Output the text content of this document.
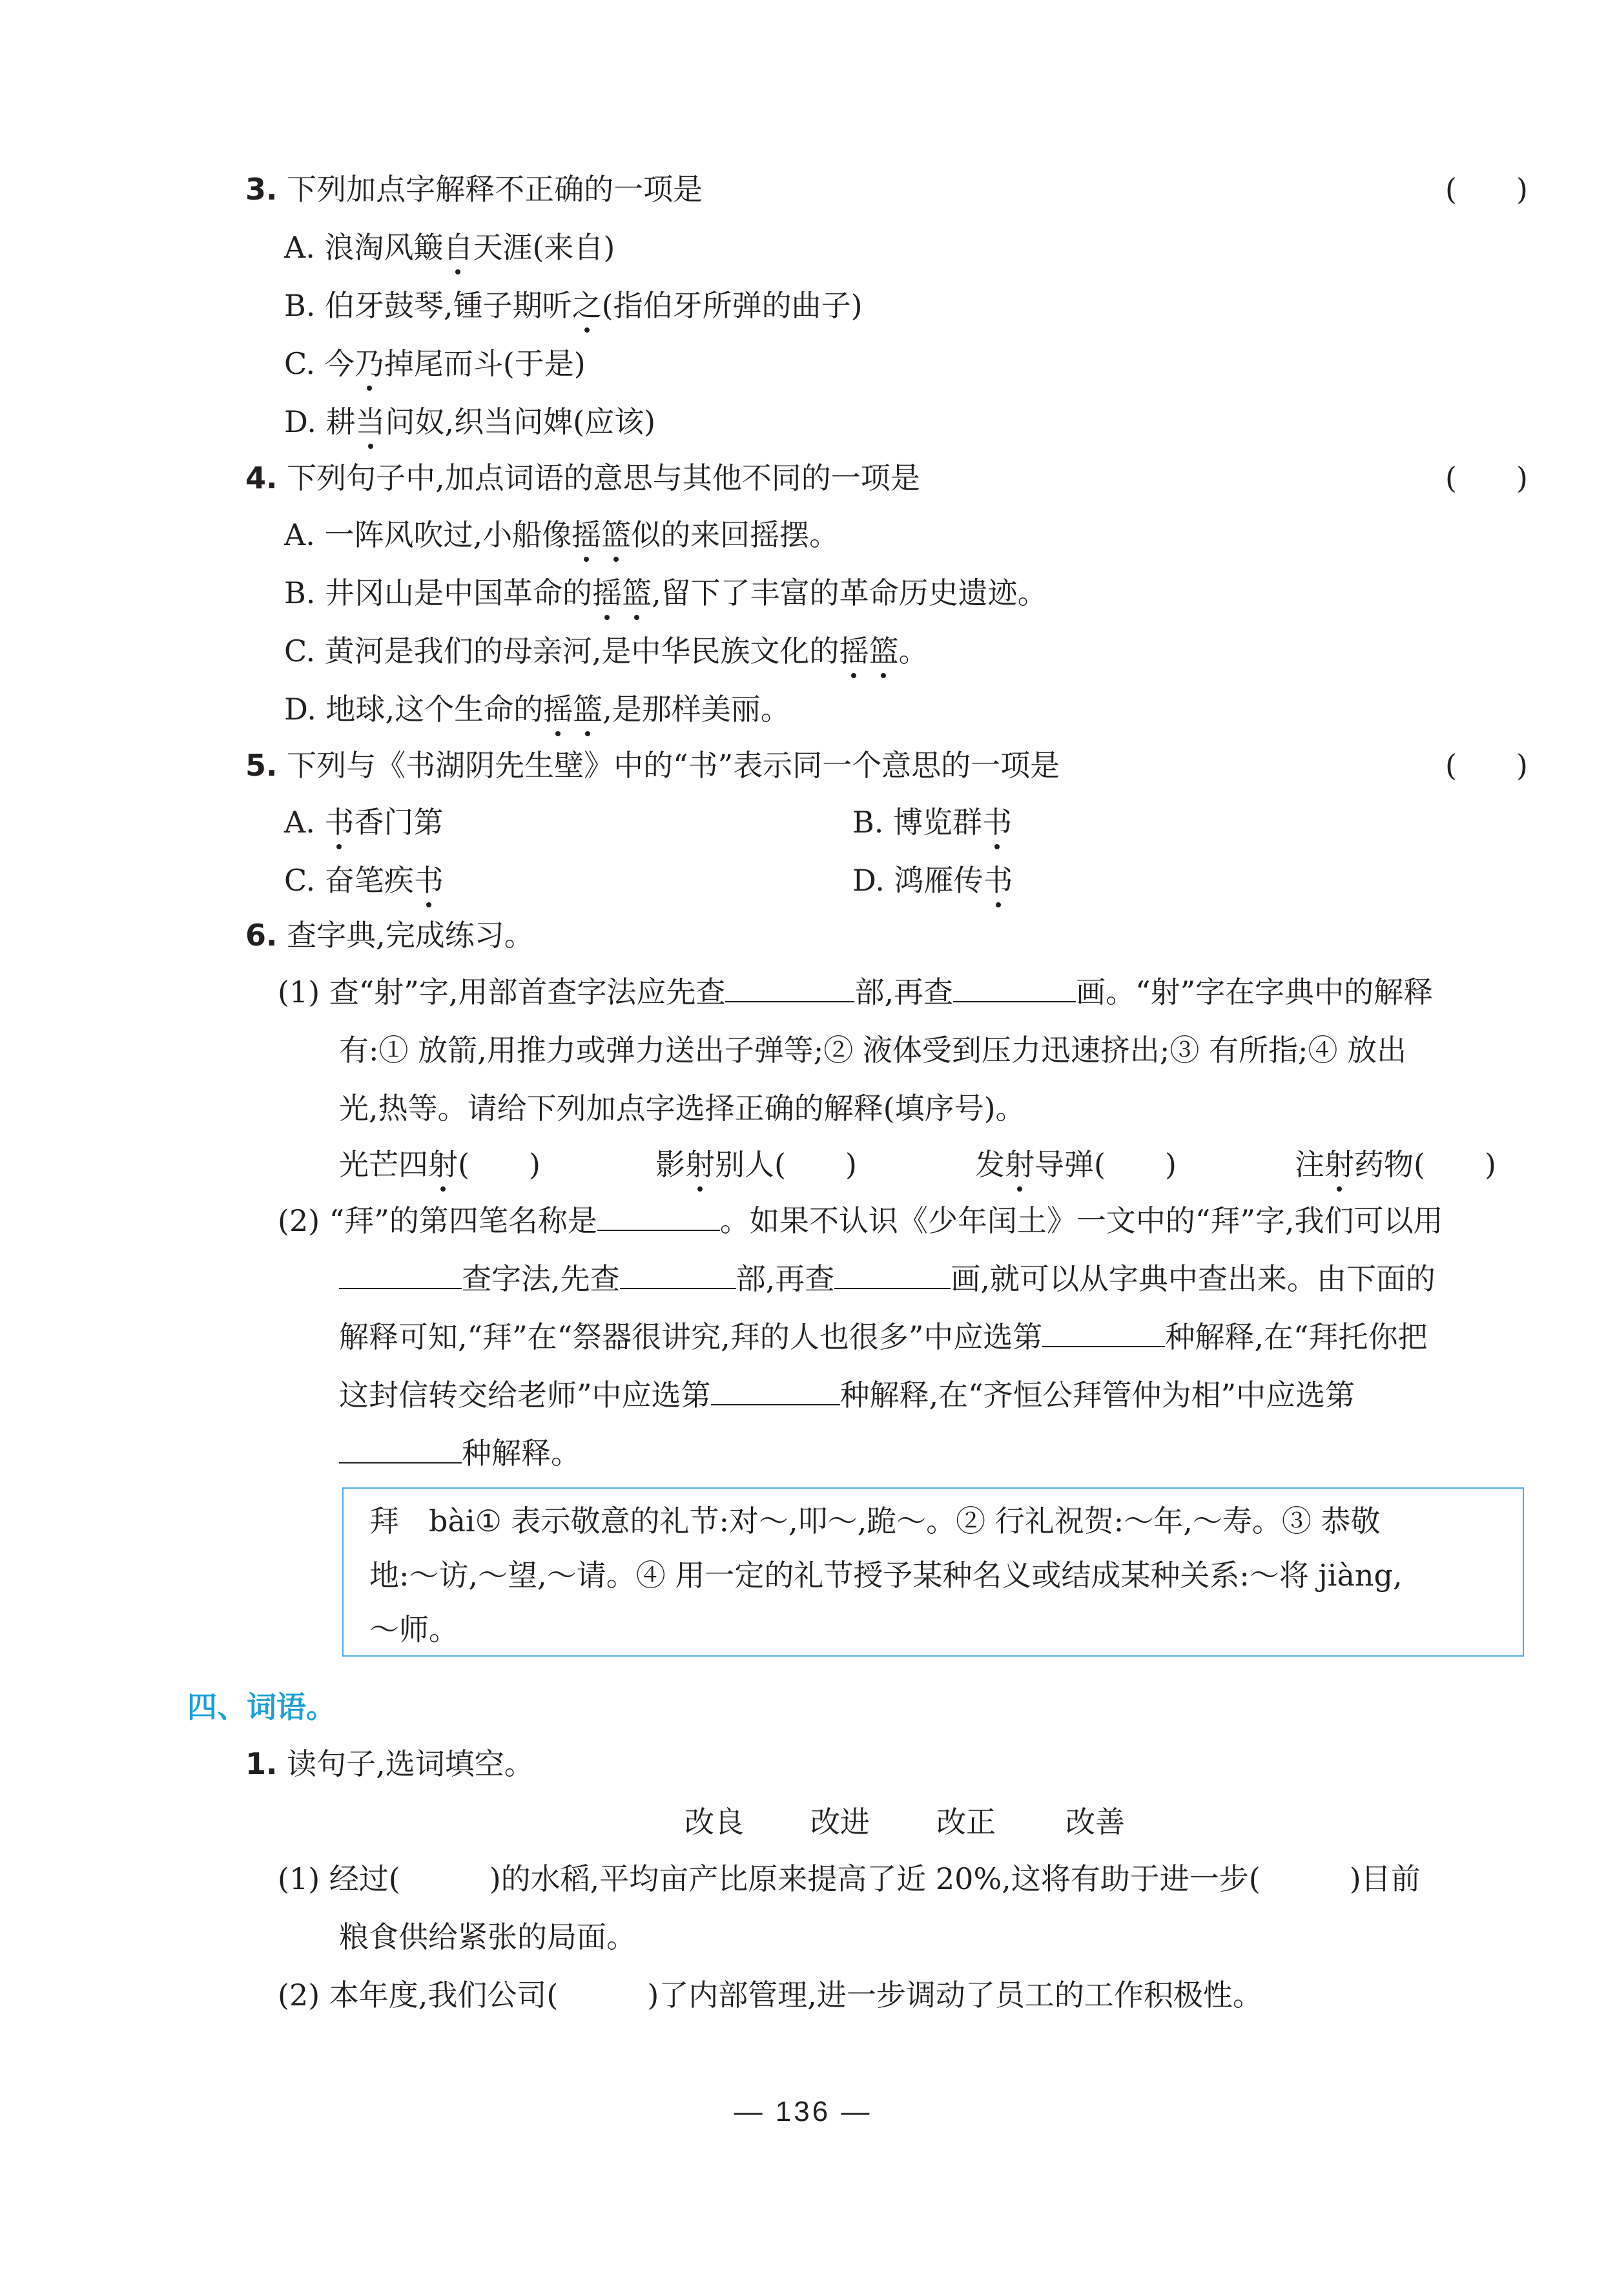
3. 下列加点字解释不正确的一项是	(　　)
A. 浪淘风簸自天涯(来自)
B. 伯牙鼓琴,锺子期听之(指伯牙所弹的曲子)
C. 今乃掉尾而斗(于是)
D. 耕当问奴,织当问婢(应该)
4. 下列句子中,加点词语的意思与其他不同的一项是	(　　)
A. 一阵风吹过,小船像摇篮似的来回摇摆。
B. 井冈山是中国革命的摇篮,留下了丰富的革命历史遗迹。
C. 黄河是我们的母亲河,是中华民族文化的摇篮。
D. 地球,这个生命的摇篮,是那样美丽。
5. 下列与《书湖阴先生壁》中的“书”表示同一个意思的一项是	(　　)
A. 书香门第	B. 博览群书
C. 奋笔疾书	D. 鸿雁传书
6. 查字典,完成练习。
(1) 查“射”字,用部首查字法应先查	部,再查	画。“射”字在字典中的解释
有:① 放箭,用推力或弹力送出子弹等;② 液体受到压力迅速挤出;③ 有所指;④ 放出
光,热等。请给下列加点字选择正确的解释(填序号)。
光芒四射(　　)	影射别人(　　)	发射导弹(　　)	注射药物(　　)
(2) “拜”的第四笔名称是	。如果不认识《少年闰土》一文中的“拜”字,我们可以用
查字法,先查	部,再查	画,就可以从字典中查出来。由下面的
解释可知,“拜”在“祭器很讲究,拜的人也很多”中应选第	种解释,在“拜托你把
这封信转交给老师”中应选第	种解释,在“齐恒公拜管仲为相”中应选第
种解释。
拜　bài① 表示敬意的礼节:对～,叩～,跪～。② 行礼祝贺:～年,～寿。③ 恭敬
地:～访,～望,～请。④ 用一定的礼节授予某种名义或结成某种关系:～将 jiàng,
～师。
四、词语。
1. 读句子,选词填空。
改良 改进 改正 改善
(1) 经过(　　　)的水稻,平均亩产比原来提高了近 20%,这将有助于进一步(　　　)目前
粮食供给紧张的局面。
(2) 本年度,我们公司(　　　)了内部管理,进一步调动了员工的工作积极性。
— 136 —
